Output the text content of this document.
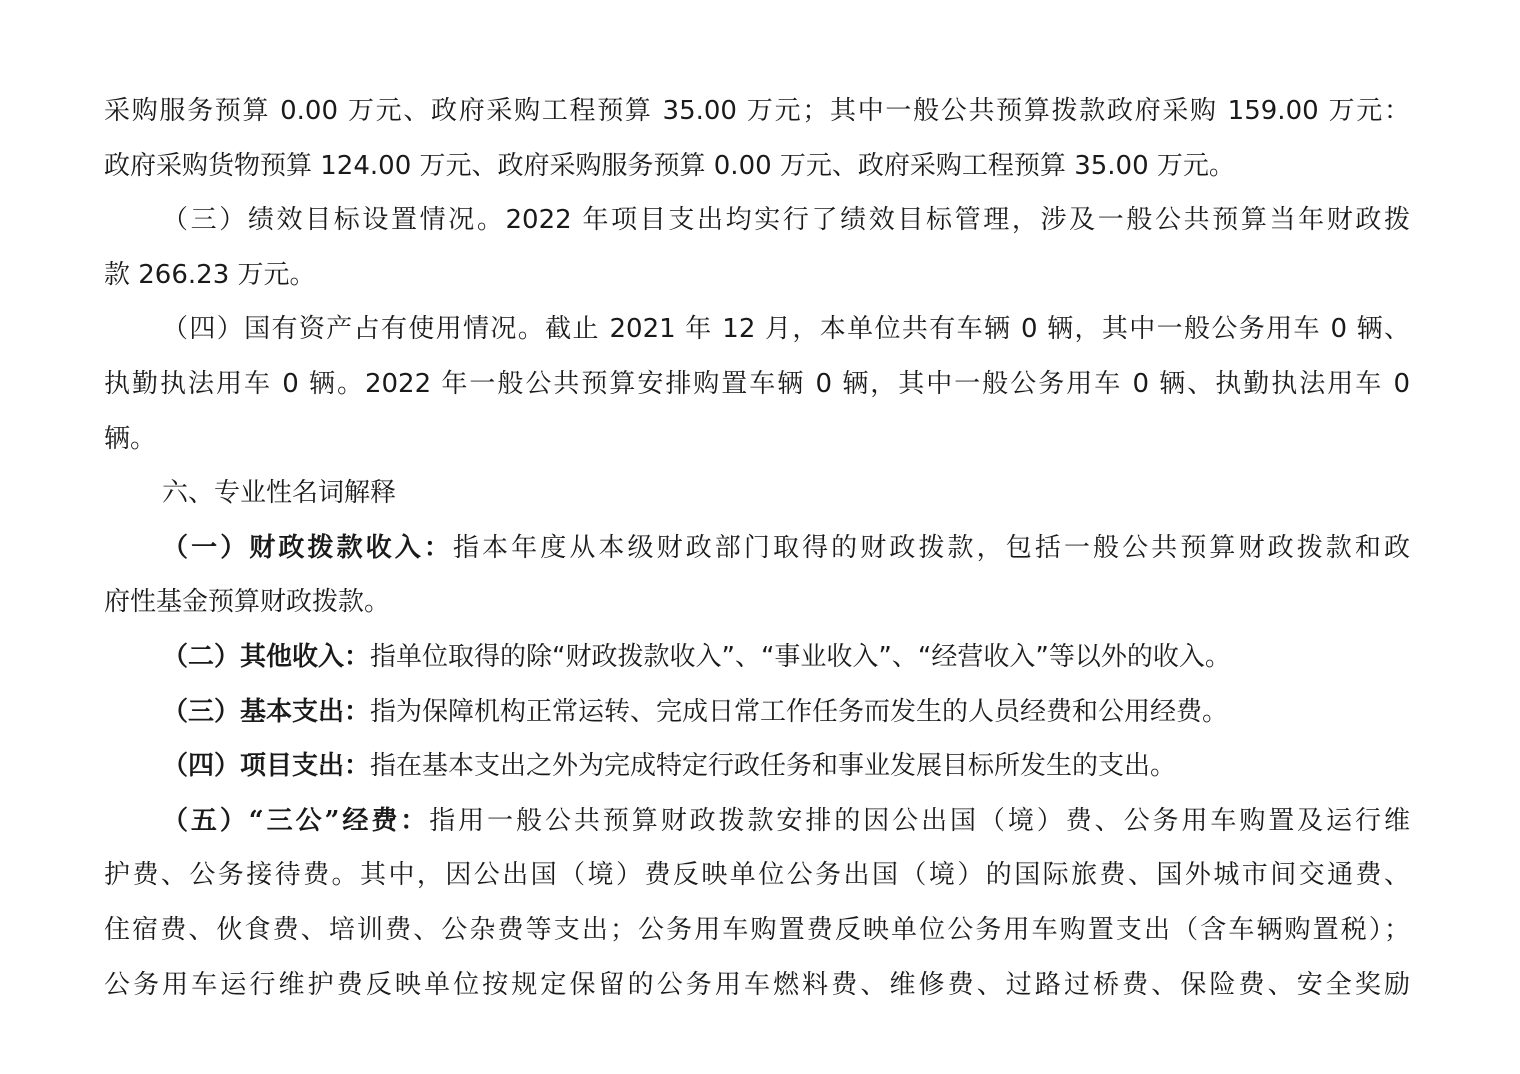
采购服务预算 0.00 万元、政府采购工程预算 35.00 万元；其中一般公共预算拨款政府采购 159.00 万元：
政府采购货物预算 124.00 万元、政府采购服务预算 0.00 万元、政府采购工程预算 35.00 万元。
（三）绩效目标设置情况。2022 年项目支出均实行了绩效目标管理，涉及一般公共预算当年财政拨
款 266.23 万元。
（四）国有资产占有使用情况。截止 2021 年 12 月，本单位共有车辆 0 辆，其中一般公务用车 0 辆、
执勤执法用车 0 辆。2022 年一般公共预算安排购置车辆 0 辆，其中一般公务用车 0 辆、执勤执法用车 0
辆。
六、专业性名词解释
（一）财政拨款收入：指本年度从本级财政部门取得的财政拨款，包括一般公共预算财政拨款和政
府性基金预算财政拨款。
（二）其他收入：指单位取得的除“财政拨款收入”、“事业收入”、“经营收入”等以外的收入。
（三）基本支出：指为保障机构正常运转、完成日常工作任务而发生的人员经费和公用经费。
（四）项目支出：指在基本支出之外为完成特定行政任务和事业发展目标所发生的支出。
（五）“三公”经费：指用一般公共预算财政拨款安排的因公出国（境）费、公务用车购置及运行维
护费、公务接待费。其中，因公出国（境）费反映单位公务出国（境）的国际旅费、国外城市间交通费、
住宿费、伙食费、培训费、公杂费等支出；公务用车购置费反映单位公务用车购置支出（含车辆购置税）；
公务用车运行维护费反映单位按规定保留的公务用车燃料费、维修费、过路过桥费、保险费、安全奖励
